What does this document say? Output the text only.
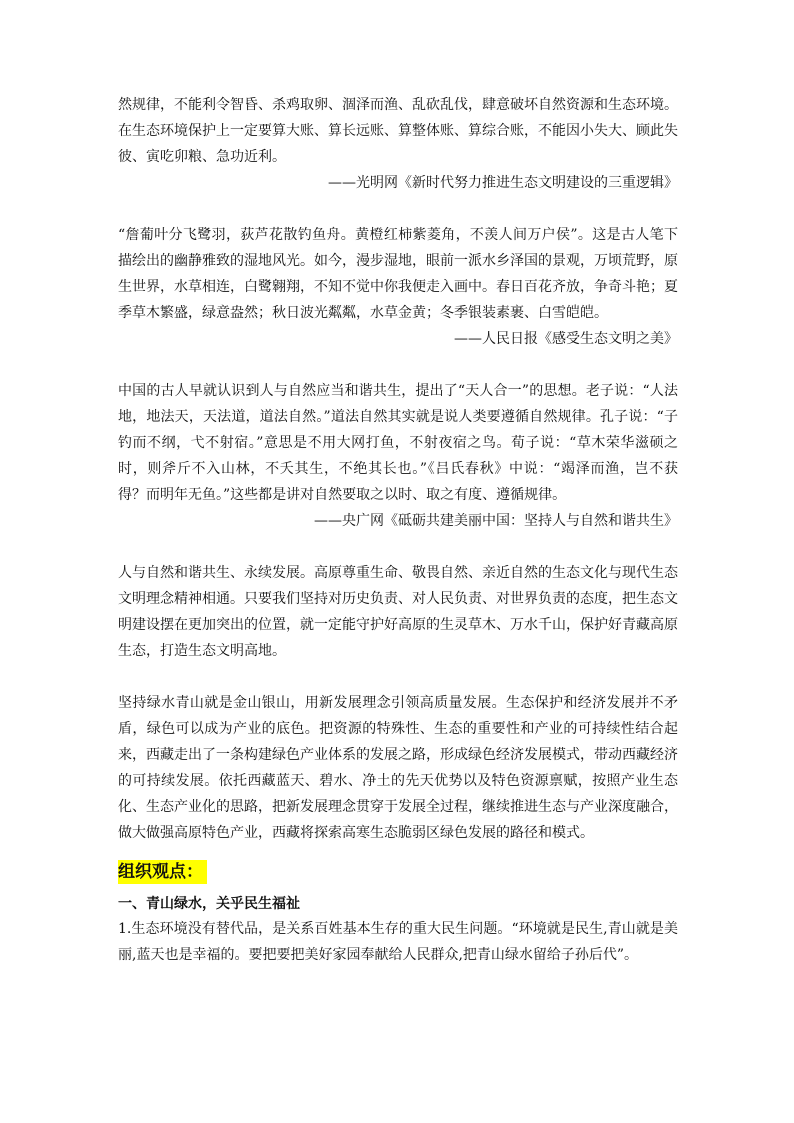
然规律，不能利令智昏、杀鸡取卵、涸泽而渔、乱砍乱伐，肆意破坏自然资源和生态环境。在生态环境保护上一定要算大账、算长远账、算整体账、算综合账，不能因小失大、顾此失彼、寅吃卯粮、急功近利。

——光明网《新时代努力推进生态文明建设的三重逻辑》

“詹葡叶分飞鹭羽，荻芦花散钓鱼舟。黄橙红柿紫菱角，不羡人间万户侯”。这是古人笔下描绘出的幽静雅致的湿地风光。如今，漫步湿地，眼前一派水乡泽国的景观，万顷荒野，原生世界，水草相连，白鹭翱翔，不知不觉中你我便走入画中。春日百花齐放，争奇斗艳；夏季草木繁盛，绿意盎然；秋日波光粼粼，水草金黄；冬季银装素裹、白雪皑皑。

——人民日报《感受生态文明之美》

中国的古人早就认识到人与自然应当和谐共生，提出了“天人合一”的思想。老子说：“人法地，地法天，天法道，道法自然。”道法自然其实就是说人类要遵循自然规律。孔子说：“子钓而不纲，弋不射宿。”意思是不用大网打鱼，不射夜宿之鸟。荀子说：“草木荣华滋硕之时，则斧斤不入山林，不夭其生，不绝其长也。”《吕氏春秋》中说：“竭泽而渔，岂不获得？而明年无鱼。”这些都是讲对自然要取之以时、取之有度、遵循规律。

——央广网《砥砺共建美丽中国：坚持人与自然和谐共生》

人与自然和谐共生、永续发展。高原尊重生命、敬畏自然、亲近自然的生态文化与现代生态文明理念精神相通。只要我们坚持对历史负责、对人民负责、对世界负责的态度，把生态文明建设摆在更加突出的位置，就一定能守护好高原的生灵草木、万水千山，保护好青藏高原生态，打造生态文明高地。

坚持绿水青山就是金山银山，用新发展理念引领高质量发展。生态保护和经济发展并不矛盾，绿色可以成为产业的底色。把资源的特殊性、生态的重要性和产业的可持续性结合起来，西藏走出了一条构建绿色产业体系的发展之路，形成绿色经济发展模式，带动西藏经济的可持续发展。依托西藏蓝天、碧水、净土的先天优势以及特色资源禀赋，按照产业生态化、生态产业化的思路，把新发展理念贯穿于发展全过程，继续推进生态与产业深度融合，做大做强高原特色产业，西藏将探索高寒生态脆弱区绿色发展的路径和模式。

组织观点：

一、青山绿水，关乎民生福祉

1.生态环境没有替代品，是关系百姓基本生存的重大民生问题。“环境就是民生,青山就是美丽,蓝天也是幸福的。要把要把美好家园奉献给人民群众,把青山绿水留给子孙后代”。
